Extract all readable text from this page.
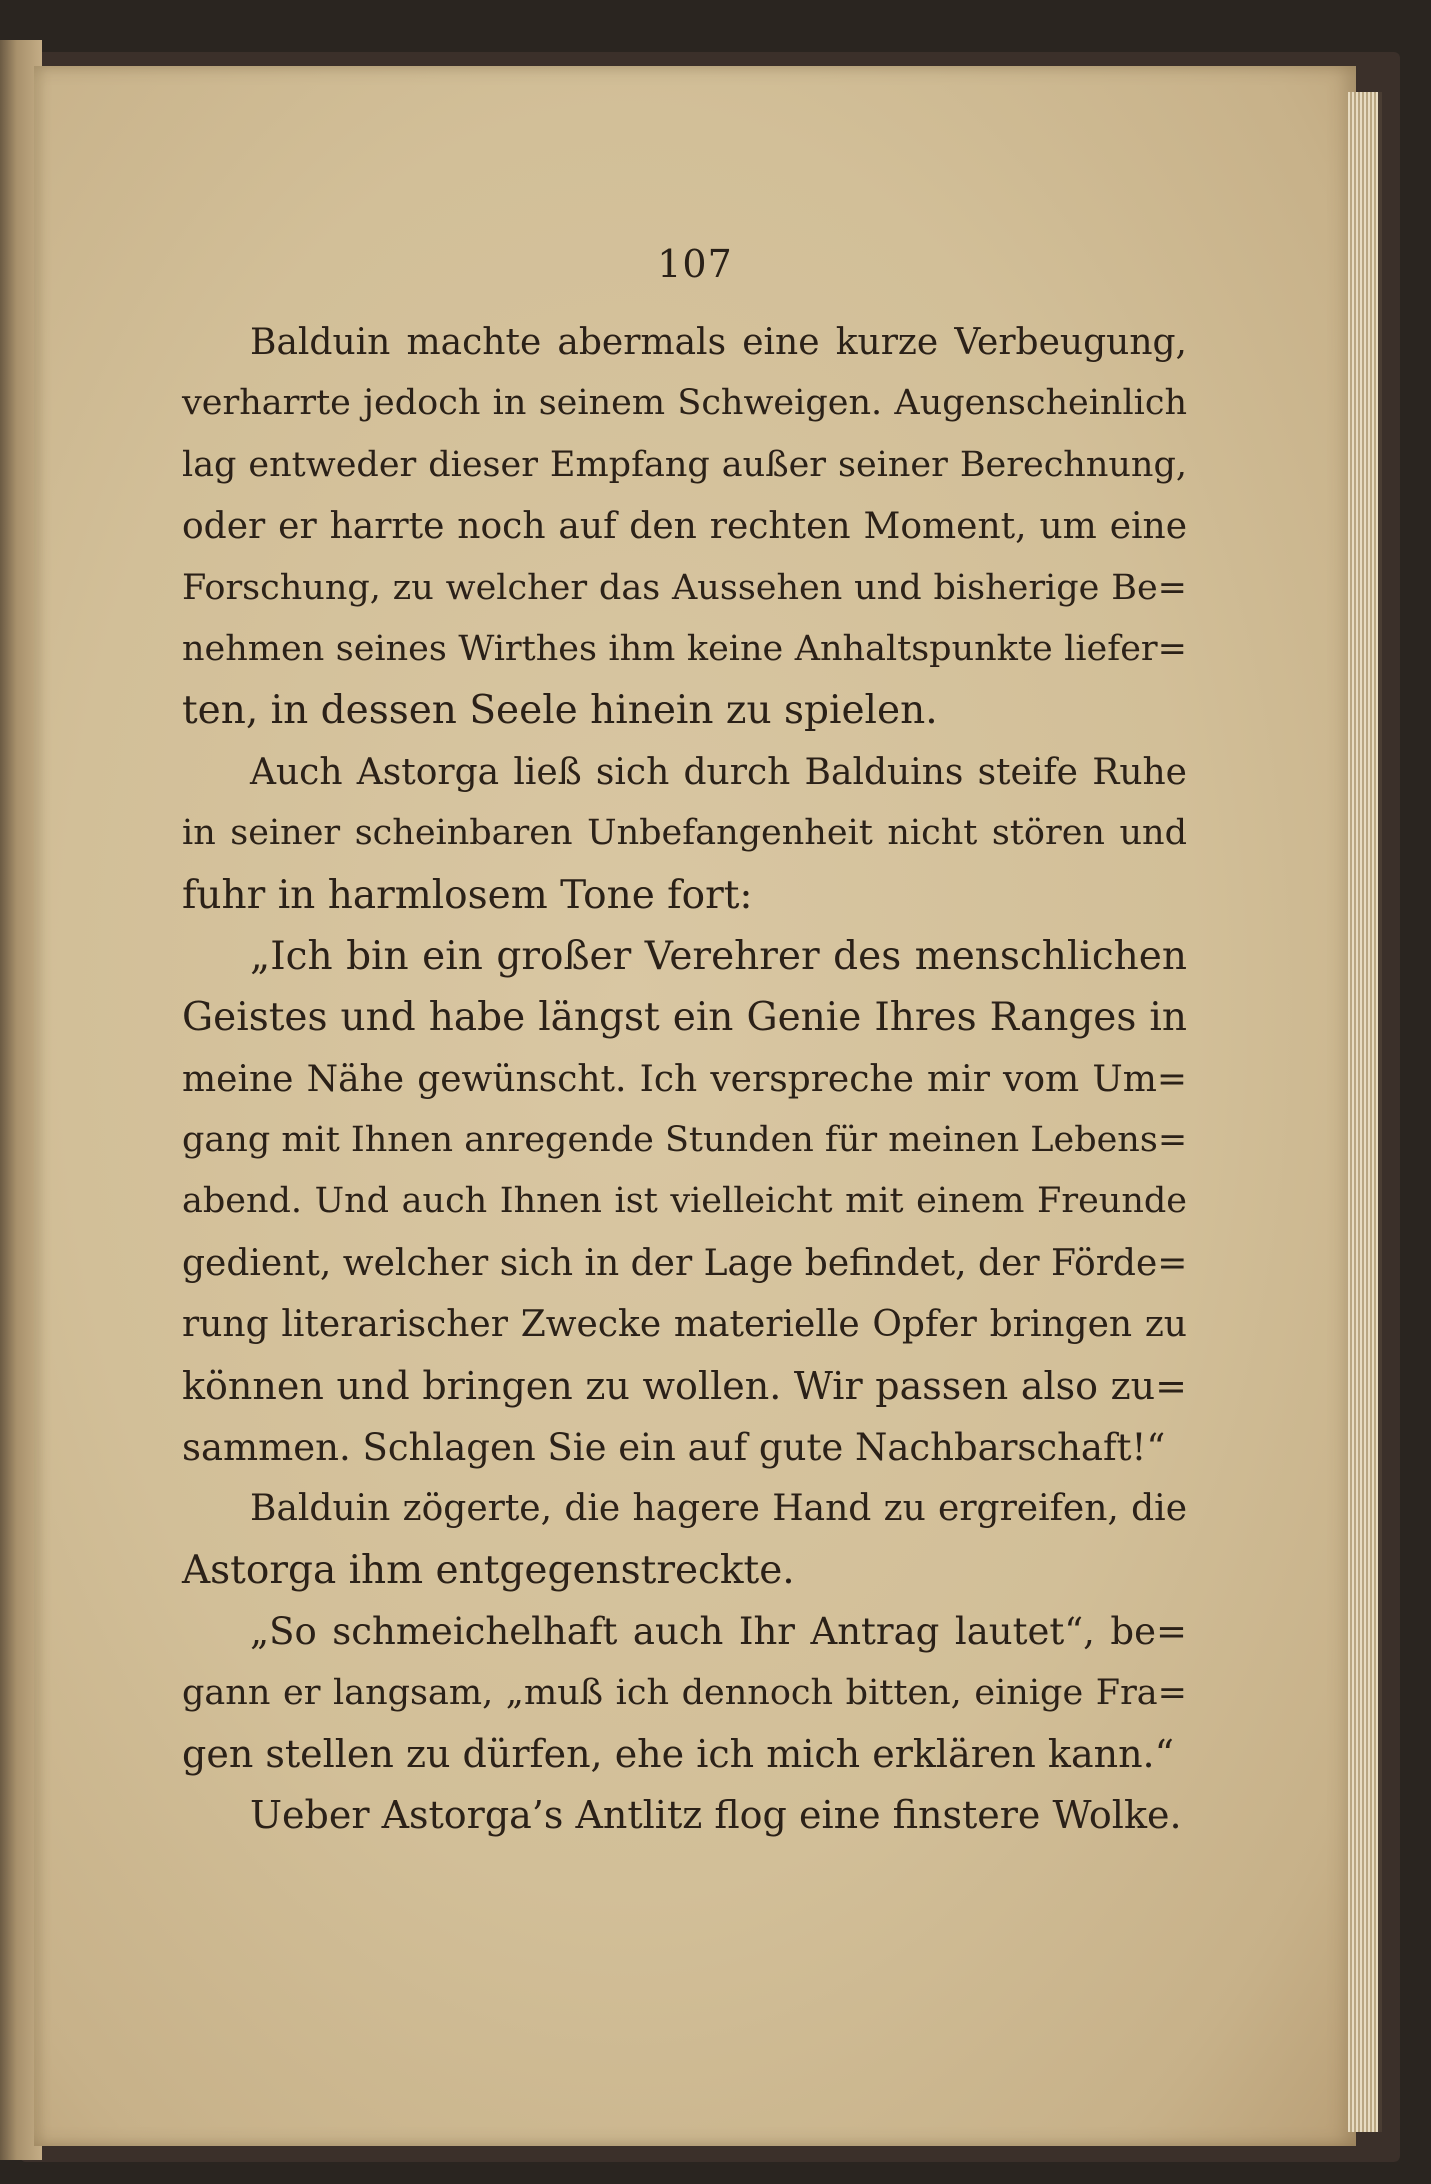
107
Balduin machte abermals eine kurze Verbeugung,
verharrte jedoch in seinem Schweigen. Augenscheinlich
lag entweder dieser Empfang außer seiner Berechnung,
oder er harrte noch auf den rechten Moment, um eine
Forschung, zu welcher das Aussehen und bisherige Be=
nehmen seines Wirthes ihm keine Anhaltspunkte liefer=
ten, in dessen Seele hinein zu spielen.
Auch Astorga ließ sich durch Balduins steife Ruhe
in seiner scheinbaren Unbefangenheit nicht stören und
fuhr in harmlosem Tone fort:
„Ich bin ein großer Verehrer des menschlichen
Geistes und habe längst ein Genie Ihres Ranges in
meine Nähe gewünscht. Ich verspreche mir vom Um=
gang mit Ihnen anregende Stunden für meinen Lebens=
abend. Und auch Ihnen ist vielleicht mit einem Freunde
gedient, welcher sich in der Lage befindet, der Förde=
rung literarischer Zwecke materielle Opfer bringen zu
können und bringen zu wollen. Wir passen also zu=
sammen. Schlagen Sie ein auf gute Nachbarschaft!“
Balduin zögerte, die hagere Hand zu ergreifen, die
Astorga ihm entgegenstreckte.
„So schmeichelhaft auch Ihr Antrag lautet“, be=
gann er langsam, „muß ich dennoch bitten, einige Fra=
gen stellen zu dürfen, ehe ich mich erklären kann.“
Ueber Astorga’s Antlitz flog eine finstere Wolke.
